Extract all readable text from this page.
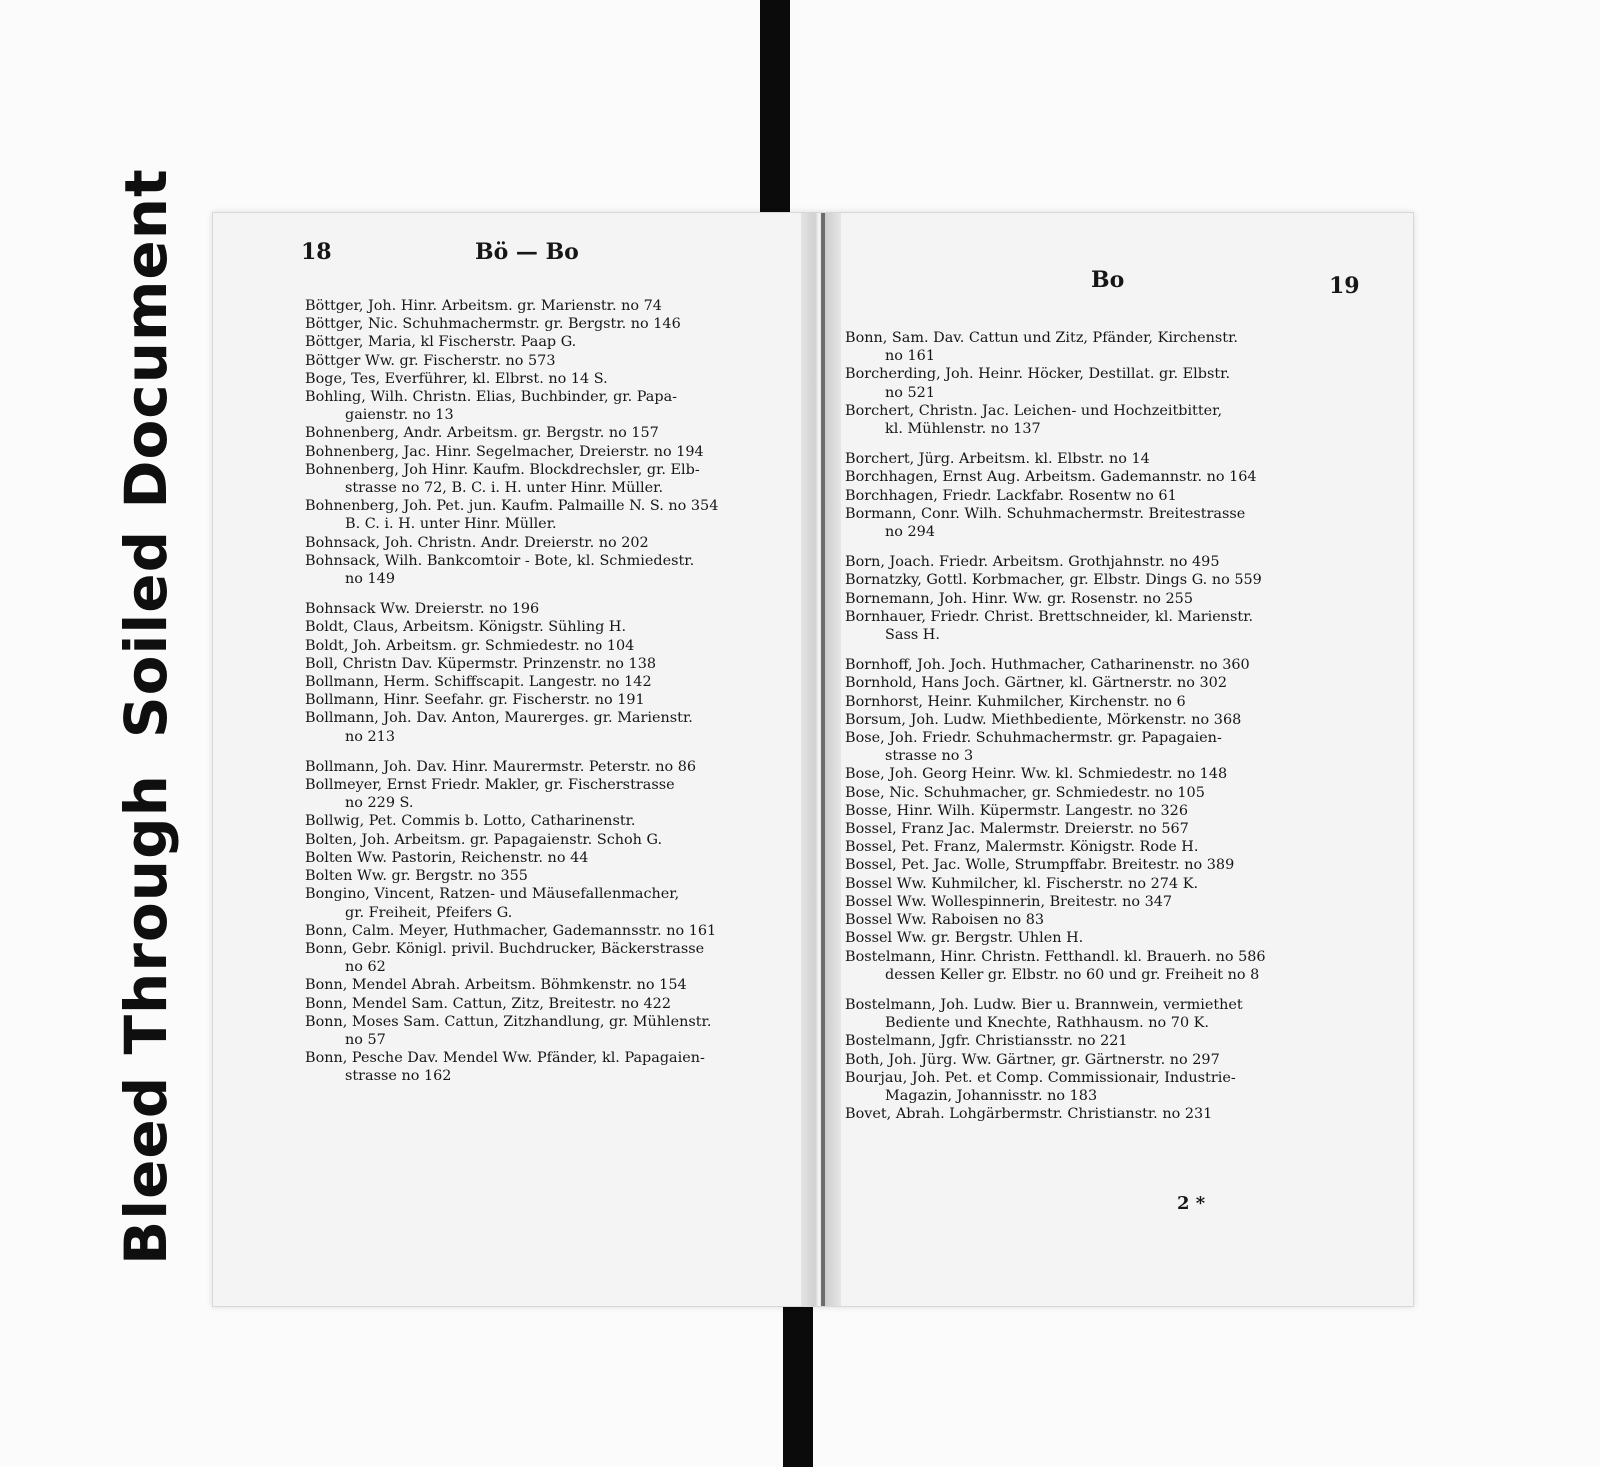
Bleed ThroughSoiled Document	18	Bö — Bo
Böttger, Joh. Hinr. Arbeitsm. gr. Marienstr. no 74
Böttger, Nic. Schuhmachermstr. gr. Bergstr. no 146
Böttger, Maria, kl Fischerstr. Paap G.
Böttger Ww. gr. Fischerstr. no 573
Boge, Tes, Everführer, kl. Elbrst. no 14 S.
Bohling, Wilh. Christn. Elias, Buchbinder, gr. Papa-
gaienstr. no 13
Bohnenberg, Andr. Arbeitsm. gr. Bergstr. no 157
Bohnenberg, Jac. Hinr. Segelmacher, Dreierstr. no 194
Bohnenberg, Joh Hinr. Kaufm. Blockdrechsler, gr. Elb-
strasse no 72, B. C. i. H. unter Hinr. Müller.
Bohnenberg, Joh. Pet. jun. Kaufm. Palmaille N. S. no 354
B. C. i. H. unter Hinr. Müller.
Bohnsack, Joh. Christn. Andr. Dreierstr. no 202
Bohnsack, Wilh. Bankcomtoir - Bote, kl. Schmiedestr.
no 149
Bohnsack Ww. Dreierstr. no 196
Boldt, Claus, Arbeitsm. Königstr. Sühling H.
Boldt, Joh. Arbeitsm. gr. Schmiedestr. no 104
Boll, Christn Dav. Küpermstr. Prinzenstr. no 138
Bollmann, Herm. Schiffscapit. Langestr. no 142
Bollmann, Hinr. Seefahr. gr. Fischerstr. no 191
Bollmann, Joh. Dav. Anton, Maurerges. gr. Marienstr.
no 213
Bollmann, Joh. Dav. Hinr. Maurermstr. Peterstr. no 86
Bollmeyer, Ernst Friedr. Makler, gr. Fischerstrasse
no 229 S.
Bollwig, Pet. Commis b. Lotto, Catharinenstr.
Bolten, Joh. Arbeitsm. gr. Papagaienstr. Schoh G.
Bolten Ww. Pastorin, Reichenstr. no 44
Bolten Ww. gr. Bergstr. no 355
Bongino, Vincent, Ratzen- und Mäusefallenmacher,
gr. Freiheit, Pfeifers G.
Bonn, Calm. Meyer, Huthmacher, Gademannsstr. no 161
Bonn, Gebr. Königl. privil. Buchdrucker, Bäckerstrasse
no 62
Bonn, Mendel Abrah. Arbeitsm. Böhmkenstr. no 154
Bonn, Mendel Sam. Cattun, Zitz, Breitestr. no 422
Bonn, Moses Sam. Cattun, Zitzhandlung, gr. Mühlenstr.
no 57
Bonn, Pesche Dav. Mendel Ww. Pfänder, kl. Papagaien-
strasse no 162
Bo	19
Bonn, Sam. Dav. Cattun und Zitz, Pfänder, Kirchenstr.
no 161
Borcherding, Joh. Heinr. Höcker, Destillat. gr. Elbstr.
no 521
Borchert, Christn. Jac. Leichen- und Hochzeitbitter,
kl. Mühlenstr. no 137
Borchert, Jürg. Arbeitsm. kl. Elbstr. no 14
Borchhagen, Ernst Aug. Arbeitsm. Gademannstr. no 164
Borchhagen, Friedr. Lackfabr. Rosentw no 61
Bormann, Conr. Wilh. Schuhmachermstr. Breitestrasse
no 294
Born, Joach. Friedr. Arbeitsm. Grothjahnstr. no 495
Bornatzky, Gottl. Korbmacher, gr. Elbstr. Dings G. no 559
Bornemann, Joh. Hinr. Ww. gr. Rosenstr. no 255
Bornhauer, Friedr. Christ. Brettschneider, kl. Marienstr.
Sass H.
Bornhoff, Joh. Joch. Huthmacher, Catharinenstr. no 360
Bornhold, Hans Joch. Gärtner, kl. Gärtnerstr. no 302
Bornhorst, Heinr. Kuhmilcher, Kirchenstr. no 6
Borsum, Joh. Ludw. Miethbediente, Mörkenstr. no 368
Bose, Joh. Friedr. Schuhmachermstr. gr. Papagaien-
strasse no 3
Bose, Joh. Georg Heinr. Ww. kl. Schmiedestr. no 148
Bose, Nic. Schuhmacher, gr. Schmiedestr. no 105
Bosse, Hinr. Wilh. Küpermstr. Langestr. no 326
Bossel, Franz Jac. Malermstr. Dreierstr. no 567
Bossel, Pet. Franz, Malermstr. Königstr. Rode H.
Bossel, Pet. Jac. Wolle, Strumpffabr. Breitestr. no 389
Bossel Ww. Kuhmilcher, kl. Fischerstr. no 274 K.
Bossel Ww. Wollespinnerin, Breitestr. no 347
Bossel Ww. Raboisen no 83
Bossel Ww. gr. Bergstr. Uhlen H.
Bostelmann, Hinr. Christn. Fetthandl. kl. Brauerh. no 586
dessen Keller gr. Elbstr. no 60 und gr. Freiheit no 8
Bostelmann, Joh. Ludw. Bier u. Brannwein, vermiethet
Bediente und Knechte, Rathhausm. no 70 K.
Bostelmann, Jgfr. Christiansstr. no 221
Both, Joh. Jürg. Ww. Gärtner, gr. Gärtnerstr. no 297
Bourjau, Joh. Pet. et Comp. Commissionair, Industrie-
Magazin, Johannisstr. no 183
Bovet, Abrah. Lohgärbermstr. Christianstr. no 231
2 *
